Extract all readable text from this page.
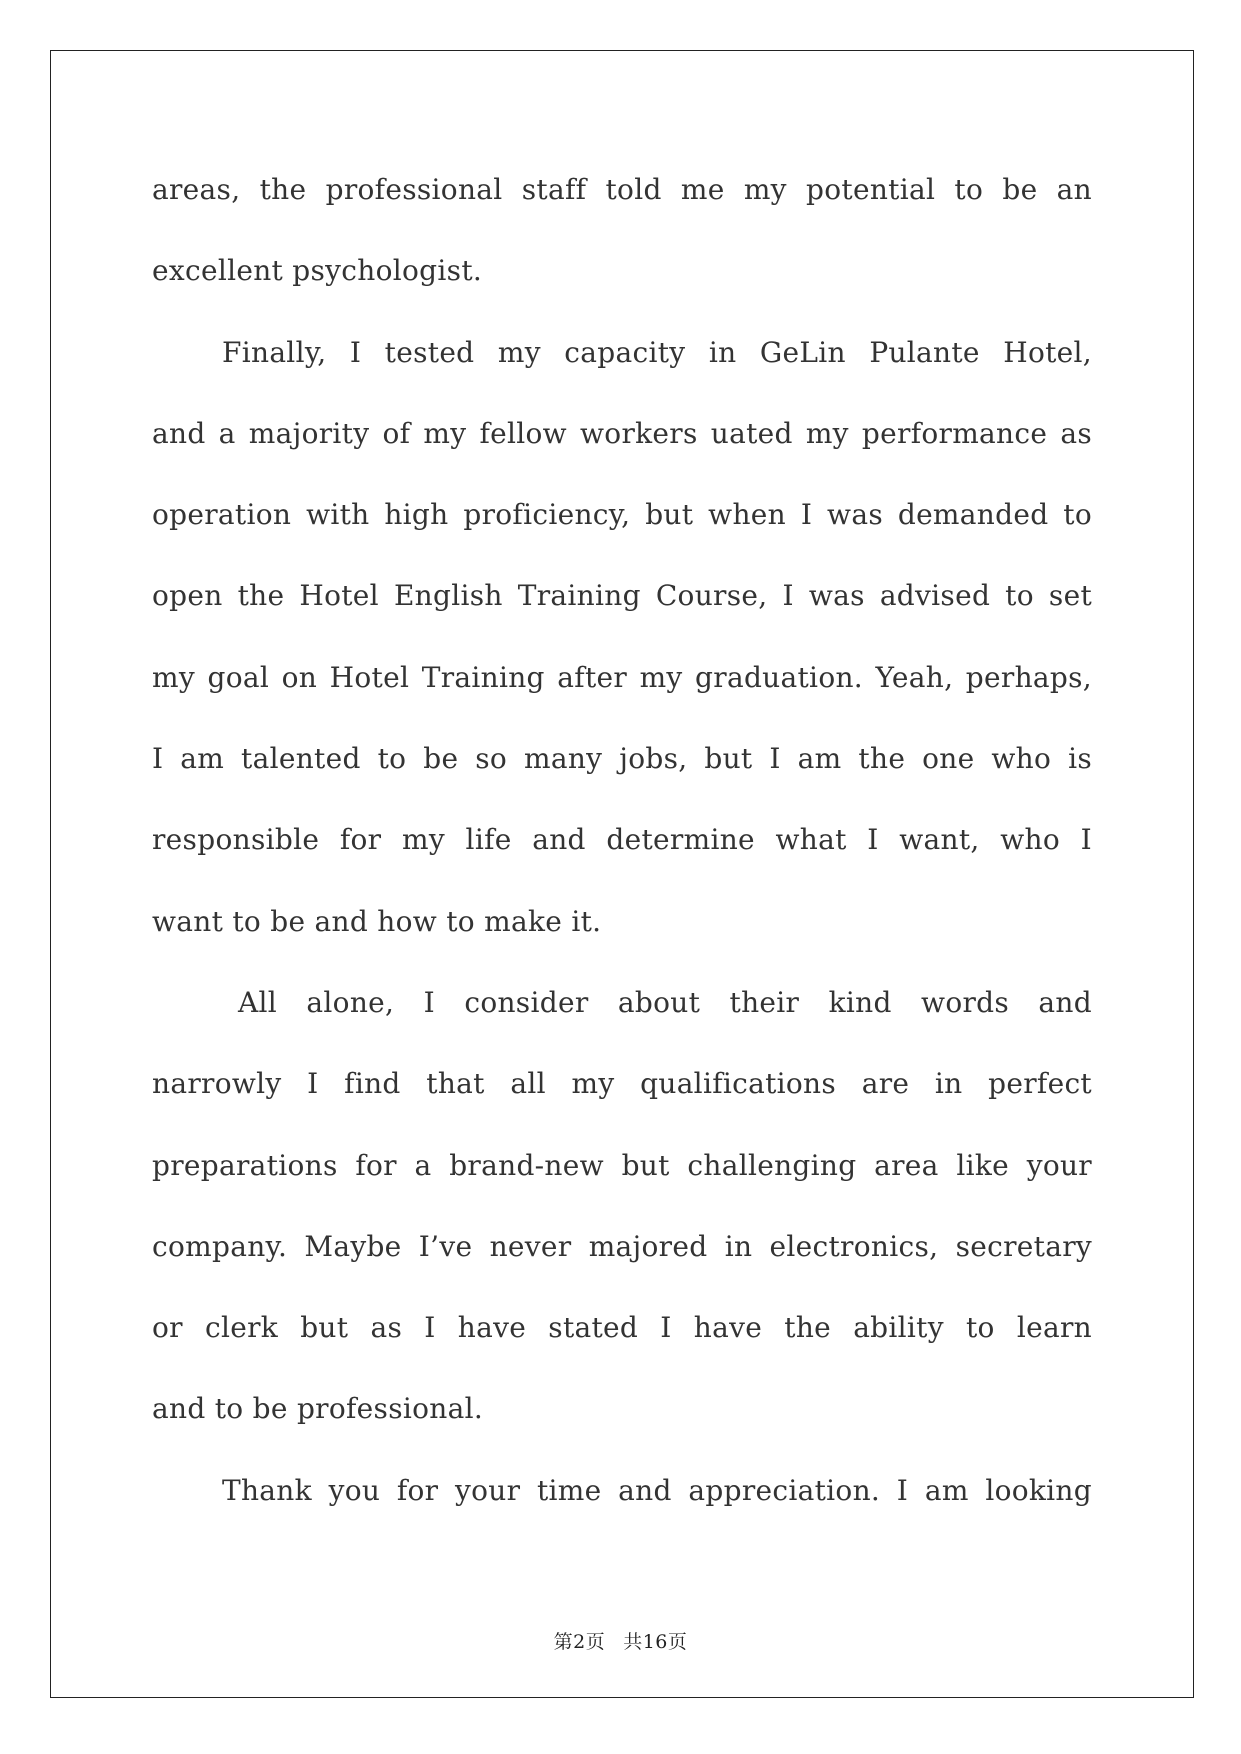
areas, the professional staff told me my potential to be an
excellent psychologist.
Finally, I tested my capacity in GeLin Pulante Hotel,
and a majority of my fellow workers uated my performance as
operation with high proficiency, but when I was demanded to
open the Hotel English Training Course, I was advised to set
my goal on Hotel Training after my graduation. Yeah, perhaps,
I am talented to be so many jobs, but I am the one who is
responsible for my life and determine what I want, who I
want to be and how to make it.
All alone, I consider about their kind words and
narrowly I find that all my qualifications are in perfect
preparations for a brand-new but challenging area like your
company. Maybe I’ve never majored in electronics, secretary
or clerk but as I have stated I have the ability to learn
and to be professional.
Thank you for your time and appreciation. I am looking
第2页 共16页
